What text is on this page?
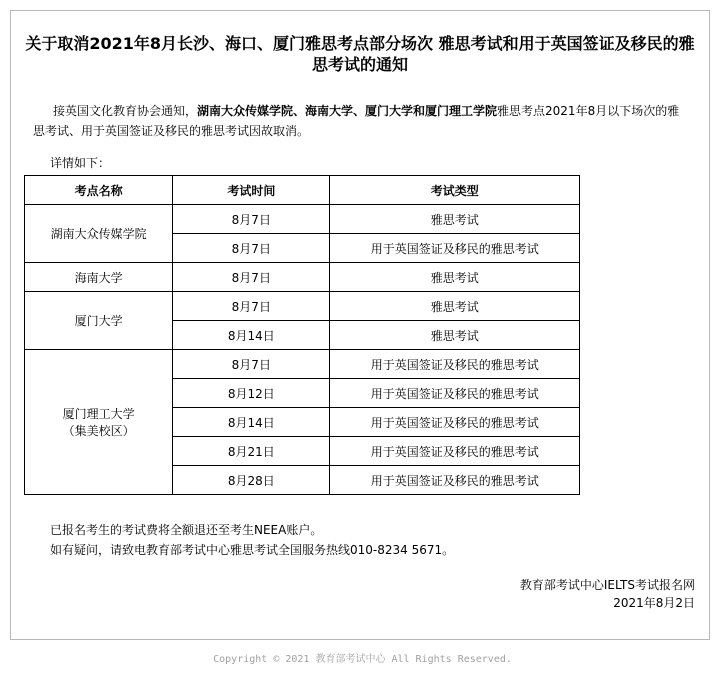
关于取消2021年8月长沙、海口、厦门雅思考点部分场次 雅思考试和用于英国签证及移民的雅思考试的通知
接英国文化教育协会通知，湖南大众传媒学院、海南大学、厦门大学和厦门理工学院雅思考点2021年8月以下场次的雅思考试、用于英国签证及移民的雅思考试因故取消。
详情如下：
考点名称	考试时间	考试类型
湖南大众传媒学院	8月7日	雅思考试
	8月7日	用于英国签证及移民的雅思考试
海南大学	8月7日	雅思考试
厦门大学	8月7日	雅思考试
	8月14日	雅思考试

厦门理工大学
（集美校区）	8月7日	用于英国签证及移民的雅思考试
	8月12日	用于英国签证及移民的雅思考试
	8月14日	用于英国签证及移民的雅思考试
	8月21日	用于英国签证及移民的雅思考试
	8月28日	用于英国签证及移民的雅思考试
已报名考生的考试费将全额退还至考生NEEA账户。
如有疑问，请致电教育部考试中心雅思考试全国服务热线010-8234 5671。
教育部考试中心IELTS考试报名网
2021年8月2日
Copyright © 2021 教育部考试中心 All Rights Reserved.
